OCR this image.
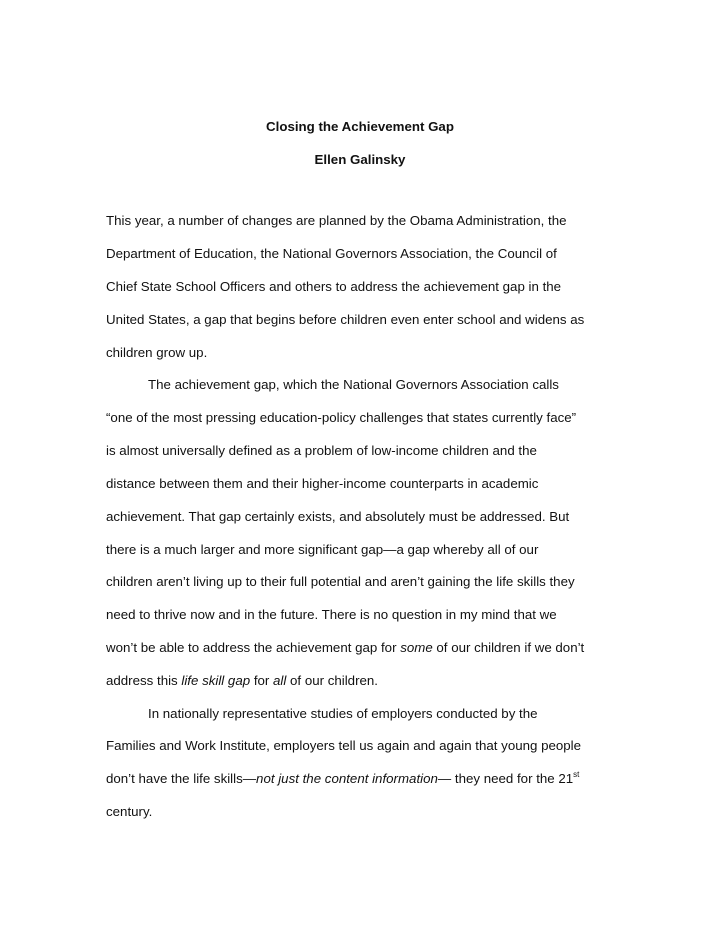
Closing the Achievement Gap
Ellen Galinsky
This year, a number of changes are planned by the Obama Administration, the
Department of Education, the National Governors Association, the Council of
Chief State School Officers and others to address the achievement gap in the
United States, a gap that begins before children even enter school and widens as
children grow up.
The achievement gap, which the National Governors Association calls
“one of the most pressing education-policy challenges that states currently face”
is almost universally defined as a problem of low-income children and the
distance between them and their higher-income counterparts in academic
achievement. That gap certainly exists, and absolutely must be addressed. But
there is a much larger and more significant gap—a gap whereby all of our
children aren’t living up to their full potential and aren’t gaining the life skills they
need to thrive now and in the future. There is no question in my mind that we
won’t be able to address the achievement gap for some of our children if we don’t
address this life skill gap for all of our children.
In nationally representative studies of employers conducted by the
Families and Work Institute, employers tell us again and again that young people
don’t have the life skills—not just the content information— they need for the 21st
century.
